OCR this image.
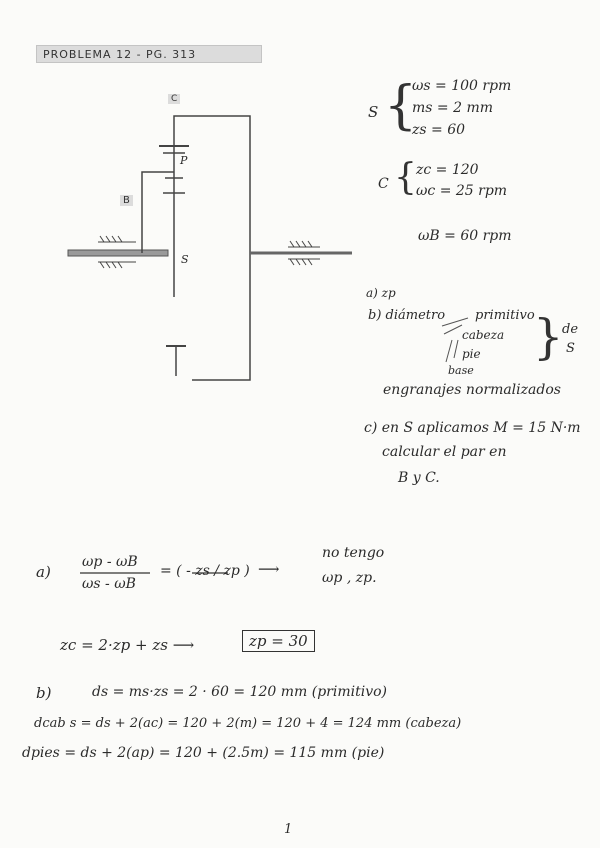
PROBLEMA 12 - PG. 313
C
P
B
S
S {
ωs = 100 rpm
ms = 2 mm
zs = 60
C { zc = 120
ωc = 25 rpm
ωB = 60 rpm
a) zp
b) diámetro primitivo
cabeza
pie
base
{
de
S
engranajes normalizados
c) en S aplicamos M = 15 N·m
calcular el par en
B y C.
a)
ωp - ωB
ωs - ωB
= ( - zs / zp ) ⟶
no tengo
ωp , zp.
zc = 2·zp + zs ⟶	zp = 30
b)	ds = ms·zs = 2 · 60 = 120 mm (primitivo)
dcab s = ds + 2(ac) = 120 + 2(m) = 120 + 4 = 124 mm (cabeza)
dpies = ds + 2(ap) = 120 + (2.5m) = 115 mm (pie)
1
